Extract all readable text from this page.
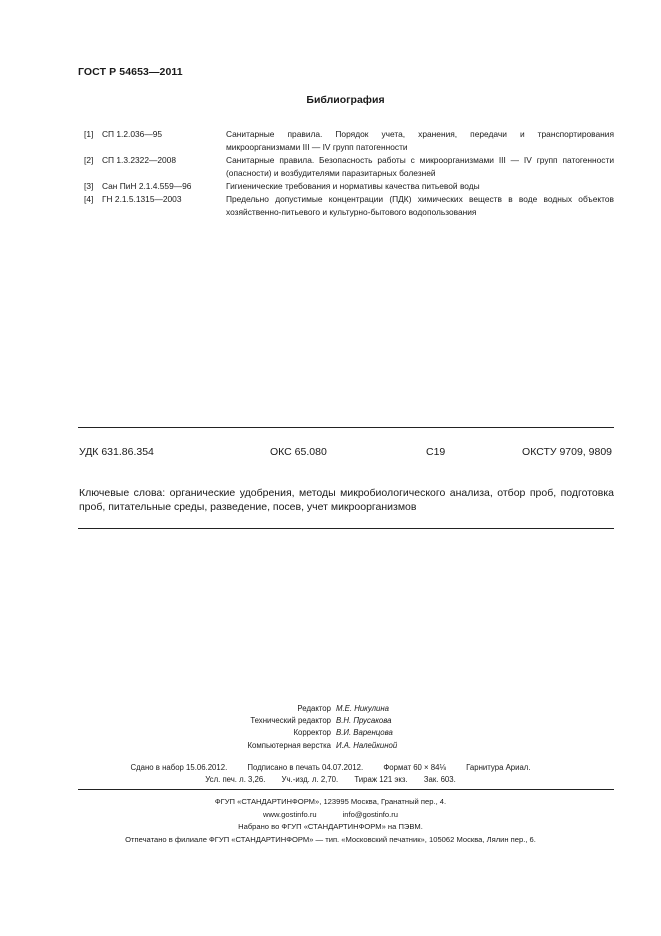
ГОСТ Р 54653—2011
Библиография
[1]	СП 1.2.036—95	Санитарные правила. Порядок учета, хранения, передачи и транспортирования микроорганизмами III — IV групп патогенности
[2]	СП 1.3.2322—2008	Санитарные правила. Безопасность работы с микроорганизмами III — IV групп патогенности (опасности) и возбудителями паразитарных болезней
[3]	Сан ПиН 2.1.4.559—96	Гигиенические требования и нормативы качества питьевой воды
[4]	ГН 2.1.5.1315—2003	Предельно допустимые концентрации (ПДК) химических веществ в воде водных объектов хозяйственно-питьевого и культурно-бытового водопользования
УДК 631.86.354	ОКС 65.080	С19	ОКСТУ 9709, 9809
Ключевые слова: органические удобрения, методы микробиологического анализа, отбор проб, подготовка проб, питательные среды, разведение, посев, учет микроорганизмов
Редактор М.Е. Никулина
Технический редактор В.Н. Прусакова
Корректор В.И. Варенцова
Компьютерная верстка И.А. Налейкиной
Сдано в набор 15.06.2012.	Подписано в печать 04.07.2012.	Формат 60 × 84⅛	Гарнитура Ариал.
Усл. печ. л. 3,26. Уч.-изд. л. 2,70. Тираж 121 экз. Зак. 603.
ФГУП «СТАНДАРТИНФОРМ», 123995 Москва, Гранатный пер., 4.
www.gostinfo.ru	info@gostinfo.ru
Набрано во ФГУП «СТАНДАРТИНФОРМ» на ПЭВМ.
Отпечатано в филиале ФГУП «СТАНДАРТИНФОРМ» — тип. «Московский печатник», 105062 Москва, Лялин пер., 6.
